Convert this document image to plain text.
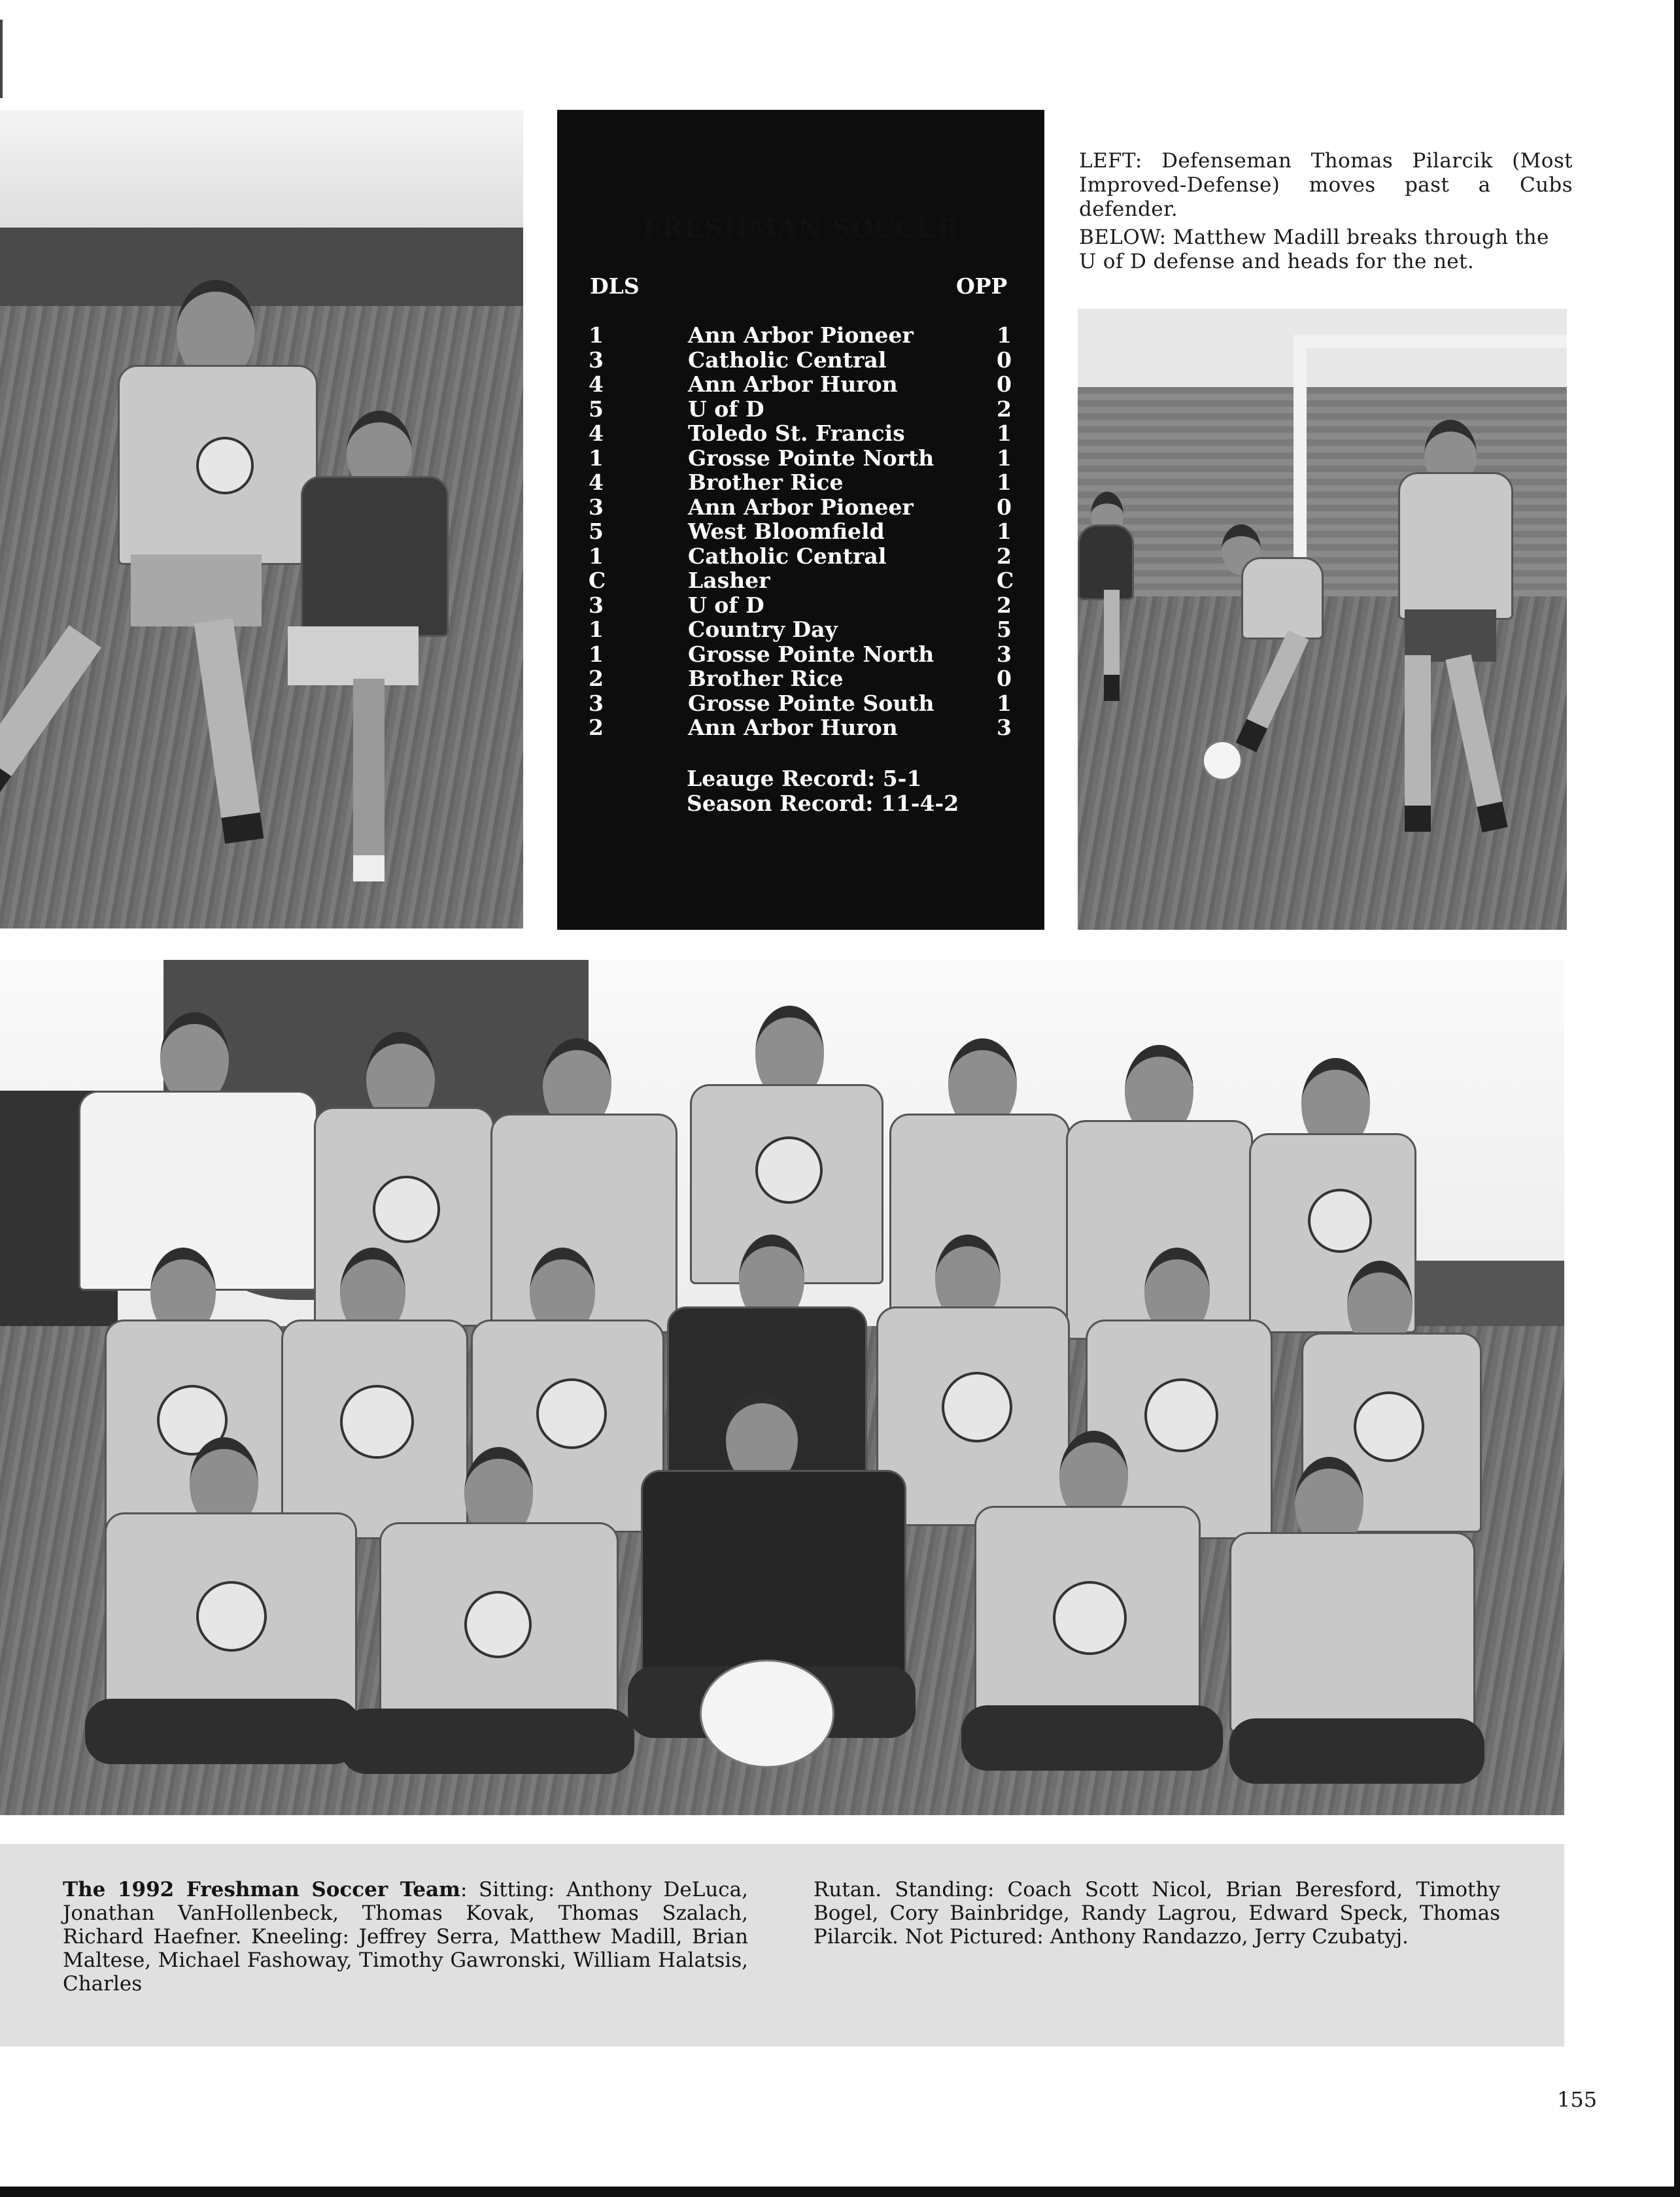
FRESHMAN SOCCER
DLS	OPP
1	Ann Arbor Pioneer	1
3	Catholic Central	0
4	Ann Arbor Huron	0
5	U of D	2
4	Toledo St. Francis	1
1	Grosse Pointe North	1
4	Brother Rice	1
3	Ann Arbor Pioneer	0
5	West Bloomfield	1
1	Catholic Central	2
C	Lasher	C
3	U of D	2
1	Country Day	5
1	Grosse Pointe North	3
2	Brother Rice	0
3	Grosse Pointe South	1
2	Ann Arbor Huron	3
Leauge Record: 5-1
Season Record: 11-4-2
LEFT: Defenseman Thomas Pilarcik (Most Improved-Defense) moves past a Cubs defender.
BELOW: Matthew Madill breaks through the U of D defense and heads for the net.
The 1992 Freshman Soccer Team: Sitting: Anthony DeLuca, Jonathan VanHollenbeck, Thomas Kovak, Thomas Szalach, Richard Haefner. Kneeling: Jeffrey Serra, Matthew Madill, Brian Maltese, Michael Fashoway, Timothy Gawronski, William Halatsis, Charles
Rutan. Standing: Coach Scott Nicol, Brian Beresford, Timothy Bogel, Cory Bainbridge, Randy Lagrou, Edward Speck, Thomas Pilarcik. Not Pictured: Anthony Randazzo, Jerry Czubatyj.
155
